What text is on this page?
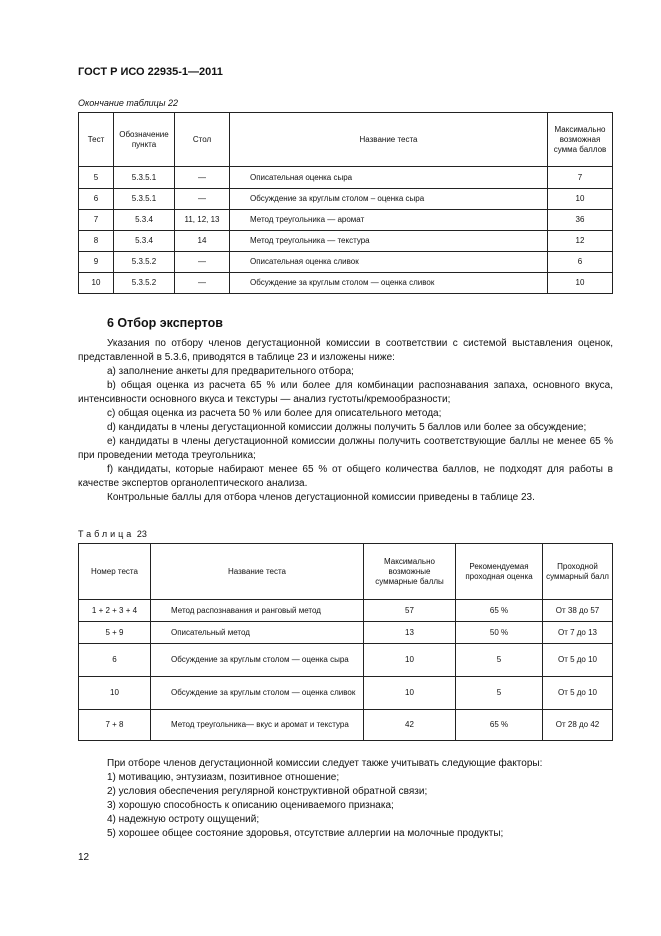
ГОСТ Р ИСО 22935-1—2011
Окончание таблицы 22
Тест	Обозначение пункта	Стол	Название теста	Максимально возможная сумма баллов
5	5.3.5.1	—	Описательная оценка сыра	7
6	5.3.5.1	—	Обсуждение за круглым столом – оценка сыра	10
7	5.3.4	11, 12, 13	Метод треугольника — аромат	36
8	5.3.4	14	Метод треугольника — текстура	12
9	5.3.5.2	—	Описательная оценка сливок	6
10	5.3.5.2	—	Обсуждение за круглым столом — оценка сливок	10
6 Отбор экспертов
Указания по отбору членов дегустационной комиссии в соответствии с системой выставления оценок, представленной в 5.3.6, приводятся в таблице 23 и изложены ниже:
а) заполнение анкеты для предварительного отбора;
b) общая оценка из расчета 65 % или более для комбинации распознавания запаха, основного вкуса, интенсивности основного вкуса и текстуры — анализ густоты/кремообразности;
c) общая оценка из расчета 50 % или более для описательного метода;
d) кандидаты в члены дегустационной комиссии должны получить 5 баллов или более за обсуждение;
е) кандидаты в члены дегустационной комиссии должны получить соответствующие баллы не менее 65 % при проведении метода треугольника;
f) кандидаты, которые набирают менее 65 % от общего количества баллов, не подходят для работы в качестве экспертов органолептического анализа.
Контрольные баллы для отбора членов дегустационной комиссии приведены в таблице 23.
Таблица 23
Номер теста	Название теста	Максимально возможные суммарные баллы	Рекомендуемая проходная оценка	Проходной суммарный балл
1 + 2 + 3 + 4	Метод распознавания и ранговый метод	57	65 %	От 38 до 57
5 + 9	Описательный метод	13	50 %	От 7 до 13
6	Обсуждение за круглым столом — оценка сыра	10	5	От 5 до 10
10	Обсуждение за круглым столом — оценка сливок	10	5	От 5 до 10
7 + 8	Метод треугольника— вкус и аромат и текстура	42	65 %	От 28 до 42
При отборе членов дегустационной комиссии следует также учитывать следующие факторы:
1) мотивацию, энтузиазм, позитивное отношение;
2) условия обеспечения регулярной конструктивной обратной связи;
3) хорошую способность к описанию оцениваемого признака;
4) надежную остроту ощущений;
5) хорошее общее состояние здоровья, отсутствие аллергии на молочные продукты;
12
